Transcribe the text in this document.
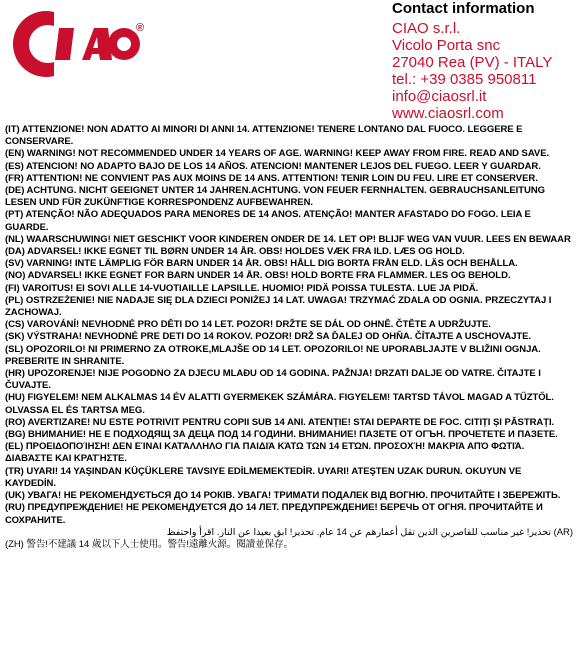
®
Contact information
CIAO s.r.l.
Vicolo Porta snc
27040 Rea (PV) - ITALY
tel.: +39 0385 950811
info@ciaosrl.it
www.ciaosrl.com
(IT) ATTENZIONE! NON ADATTO AI MINORI DI ANNI 14. ATTENZIONE! TENERE LONTANO DAL FUOCO. LEGGERE E CONSERVARE.
(EN) WARNING! NOT RECOMMENDED UNDER 14 YEARS OF AGE. WARNING! KEEP AWAY FROM FIRE. READ AND SAVE.
(ES) ATENCION! NO ADAPTO BAJO DE LOS 14 AÑOS. ATENCION! MANTENER LEJOS DEL FUEGO. LEER Y GUARDAR.
(FR) ATTENTION! NE CONVIENT PAS AUX MOINS DE 14 ANS. ATTENTION! TENIR LOIN DU FEU. LIRE ET CONSERVER.
(DE) ACHTUNG. NICHT GEEIGNET UNTER 14 JAHREN.ACHTUNG. VON FEUER FERNHALTEN. GEBRAUCHSANLEITUNG LESEN UND FÜR ZUKÜNFTIGE KORRESPONDENZ AUFBEWAHREN.
(PT) ATENÇÃO! NÃO ADEQUADOS PARA MENORES DE 14 ANOS. ATENÇÃO! MANTER AFASTADO DO FOGO. LEIA E GUARDE.
(NL) WAARSCHUWING! NIET GESCHIKT VOOR KINDEREN ONDER DE 14. LET OP! BLIJF WEG VAN VUUR. LEES EN BEWAAR
(DA) ADVARSEL! IKKE EGNET TIL BØRN UNDER 14 ÅR. OBS! HOLDES VÆK FRA ILD. LÆS OG HOLD.
(SV) VARNING! INTE LÄMPLIG FÖR BARN UNDER 14 ÅR. OBS! HÅLL DIG BORTA FRÅN ELD. LÄS OCH BEHÅLLA.
(NO) ADVARSEL! IKKE EGNET FOR BARN UNDER 14 ÅR. OBS! HOLD BORTE FRA FLAMMER. LES OG BEHOLD.
(FI) VAROITUS! EI SOVI ALLE 14-VUOTIAILLE LAPSILLE. HUOMIO! PIDÄ POISSA TULESTA. LUE JA PIDÄ.
(PL) OSTRZEŻENIE! NIE NADAJE SIĘ DLA DZIECI PONIŻEJ 14 LAT. UWAGA! TRZYMAĆ ZDALA OD OGNIA. PRZECZYTAJ I ZACHOWAJ.
(CS) VAROVÁNÍ! NEVHODNÉ PRO DĚTI DO 14 LET. POZOR! DRŽTE SE DÁL OD OHNĚ. ČTĚTE A UDRŽUJTE.
(SK) VÝSTRAHA! NEVHODNÉ PRE DETI DO 14 ROKOV. POZOR! DRŽ SA ĎALEJ OD OHŇA. ČÍTAJTE A USCHOVAJTE.
(SL) OPOZORILO! NI PRIMERNO ZA OTROKE,MLAJŠE OD 14 LET. OPOZORILO! NE UPORABLJAJTE V BLIŽINI OGNJA. PREBERITE IN SHRANITE.
(HR) UPOZORENJE! NIJE POGODNO ZA DJECU MLAĐU OD 14 GODINA. PAŽNJA! DRZATI DALJE OD VATRE. ČITAJTE I ČUVAJTE.
(HU) FIGYELEM! NEM ALKALMAS 14 ÉV ALATTI GYERMEKEK SZÁMÁRA. FIGYELEM! TARTSD TÁVOL MAGAD A TŰZTŐL. OLVASSA EL ÉS TARTSA MEG.
(RO) AVERTIZARE! NU ESTE POTRIVIT PENTRU COPII SUB 14 ANI. ATENȚIE! STAI DEPARTE DE FOC. CITIȚI ȘI PĂSTRAȚI.
(BG) ВНИМАНИЕ! НЕ Е ПОДХОДЯЩ ЗА ДЕЦА ПОД 14 ГОДИНИ. ВНИМАНИЕ! ПАЗЕТЕ ОТ ОГЪН. ПРОЧЕТЕТЕ И ПАЗЕТЕ.
(EL) ΠΡΟΕΙΔΟΠΟΊΗΣΗ! ΔΕΝ ΕΊΝΑΙ ΚΑΤΆΛΛΗΛΟ ΓΙΑ ΠΑΙΔΙΆ ΚΆΤΩ ΤΩΝ 14 ΕΤΏΝ. ΠΡΟΣΟΧΉ! ΜΑΚΡΙΆ ΑΠΌ ΦΩΤΙΆ. ΔΙΑΒΆΣΤΕ ΚΑΙ ΚΡΑΤΉΣΤΕ.
(TR) UYARI! 14 YAŞINDAN KÜÇÜKLERE TAVSIYE EDİLMEMEKTEDİR. UYARI! ATEŞTEN UZAK DURUN. OKUYUN VE KAYDEDİN.
(UK) УВАГА! НЕ РЕКОМЕНДУЄТЬСЯ ДО 14 РОКІВ. УВАГА! ТРИМАТИ ПОДАЛЕК ВІД ВОГНЮ. ПРОЧИТАЙТЕ І ЗБЕРЕЖІТЬ.
(RU) ПРЕДУПРЕЖДЕНИЕ! НЕ РЕКОМЕНДУЕТСЯ ДО 14 ЛЕТ. ПРЕДУПРЕЖДЕНИЕ! БЕРЕЧЬ ОТ ОГНЯ. ПРОЧИТАЙТЕ И СОХРАНИТЕ.
(AR) تحذير! غير مناسب للقاصرين الذين تقل أعمارهم عن 14 عام. تحذير! ابق بعيدا عن النار. اقرأ واحتفظ
(ZH) 警告!不建議 14 歲以下人士使用。警告!遠離火源。閱讀並保存。
